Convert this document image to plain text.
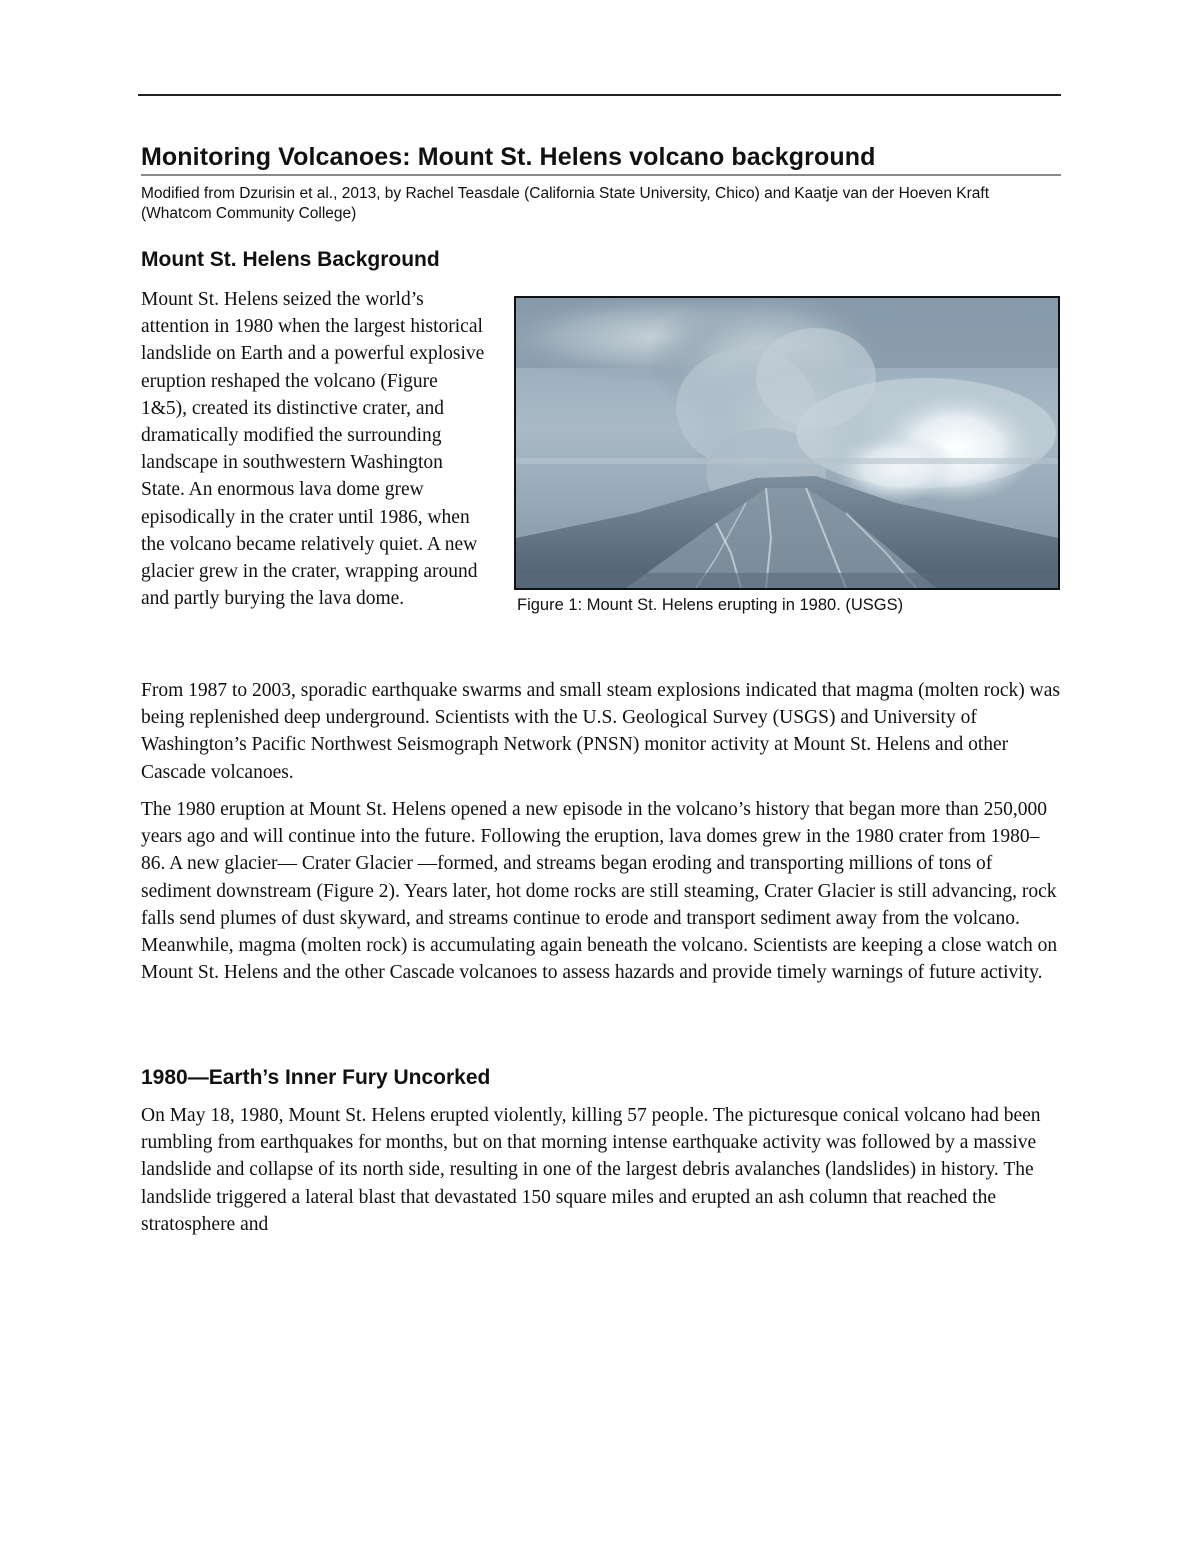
Monitoring Volcanoes: Mount St. Helens volcano background

Modified from Dzurisin et al., 2013, by Rachel Teasdale (California State University, Chico) and Kaatje van der Hoeven Kraft (Whatcom Community College)

Mount St. Helens Background

Figure 1: Mount St. Helens erupting in 1980. (USGS)

Mount St. Helens seized the world’s attention in 1980 when the largest historical landslide on Earth and a powerful explosive eruption reshaped the volcano (Figure 1&5), created its distinctive crater, and dramatically modified the surrounding landscape in southwestern Washington State. An enormous lava dome grew episodically in the crater until 1986, when the volcano became relatively quiet. A new glacier grew in the crater, wrapping around and partly burying the lava dome.

From 1987 to 2003, sporadic earthquake swarms and small steam explosions indicated that magma (molten rock) was being replenished deep underground. Scientists with the U.S. Geological Survey (USGS) and University of Washington’s Pacific Northwest Seismograph Network (PNSN) monitor activity at Mount St. Helens and other Cascade volcanoes.

The 1980 eruption at Mount St. Helens opened a new episode in the volcano’s history that began more than 250,000 years ago and will continue into the future. Following the eruption, lava domes grew in the 1980 crater from 1980–86. A new glacier— Crater Glacier —formed, and streams began eroding and transporting millions of tons of sediment downstream (Figure 2). Years later, hot dome rocks are still steaming, Crater Glacier is still advancing, rock falls send plumes of dust skyward, and streams continue to erode and transport sediment away from the volcano. Meanwhile, magma (molten rock) is accumulating again beneath the volcano. Scientists are keeping a close watch on Mount St. Helens and the other Cascade volcanoes to assess hazards and provide timely warnings of future activity.

1980—Earth’s Inner Fury Uncorked

On May 18, 1980, Mount St. Helens erupted violently, killing 57 people. The picturesque conical volcano had been rumbling from earthquakes for months, but on that morning intense earthquake activity was followed by a massive landslide and collapse of its north side, resulting in one of the largest debris avalanches (landslides) in history. The landslide triggered a lateral blast that devastated 150 square miles and erupted an ash column that reached the stratosphere and
